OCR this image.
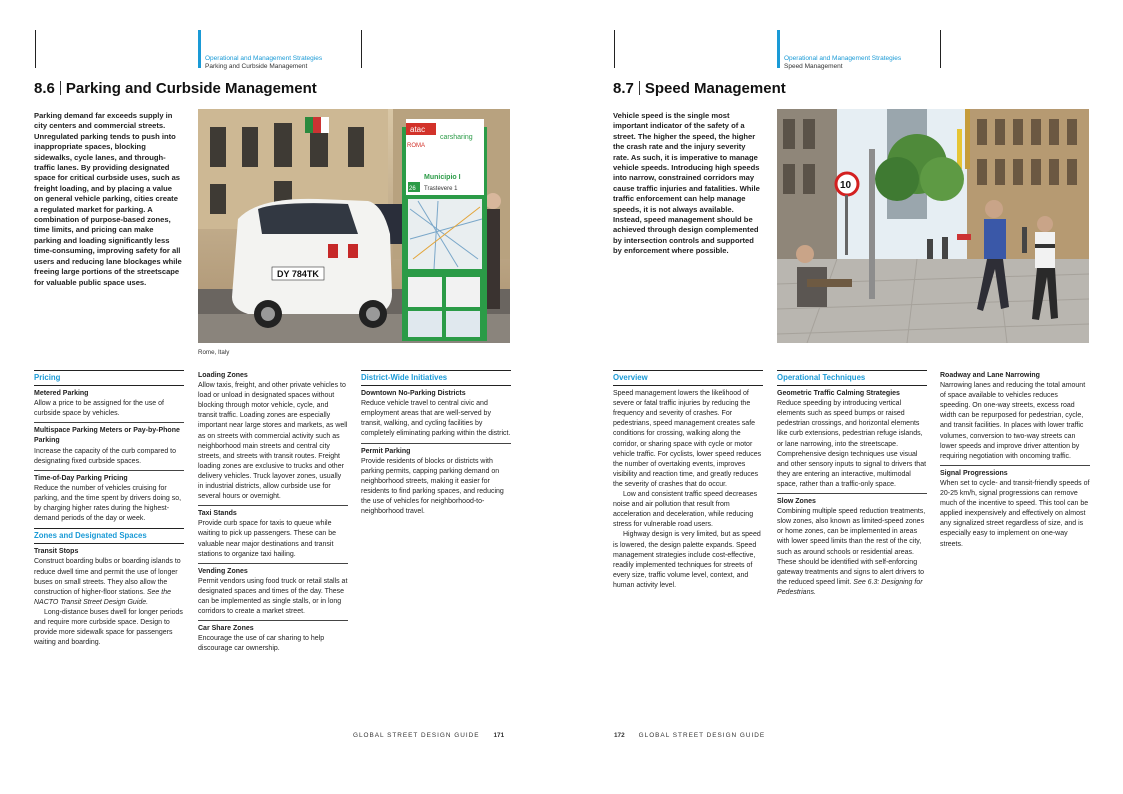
Operational and Management Strategies
Parking and Curbside Management
Operational and Management Strategies
Speed Management
8.6 Parking and Curbside Management	8.7 Speed Management
Parking demand far exceeds supply in city centers and commercial streets. Unregulated parking tends to push into inappropriate spaces, blocking sidewalks, cycle lanes, and through-traffic lanes. By providing designated space for critical curbside uses, such as freight loading, and by placing a value on general vehicle parking, cities create a regulated market for parking. A combination of purpose-based zones, time limits, and pricing can make parking and loading significantly less time-consuming, improving safety for all users and reducing lane blockages while freeing large portions of the streetscape for valuable public space uses.
Vehicle speed is the single most important indicator of the safety of a street. The higher the speed, the higher the crash rate and the injury severity rate. As such, it is imperative to manage vehicle speeds. Introducing high speeds into narrow, constrained corridors may cause traffic injuries and fatalities. While traffic enforcement can help manage speeds, it is not always available. Instead, speed management should be achieved through design complemented by intersection controls and supported by enforcement where possible.
DY 784TK
atac
ROMA
carsharing
Municipio I
26 Trastevere 1
Rome, Italy
10
Pricing
Metered Parking
Allow a price to be assigned for the use of curbside space by vehicles.
Multispace Parking Meters or Pay-by-Phone Parking
Increase the capacity of the curb compared to designating fixed curbside spaces.
Time-of-Day Parking Pricing
Reduce the number of vehicles cruising for parking, and the time spent by drivers doing so, by charging higher rates during the highest-demand periods of the day or week.
Zones and Designated Spaces
Transit Stops
Construct boarding bulbs or boarding islands to reduce dwell time and permit the use of longer buses on small streets. They also allow the construction of higher-floor stations. See the NACTO Transit Street Design Guide.
Long-distance buses dwell for longer periods and require more curbside space. Design to provide more sidewalk space for passengers waiting and boarding.
Loading Zones
Allow taxis, freight, and other private vehicles to load or unload in designated spaces without blocking through motor vehicle, cycle, and transit traffic. Loading zones are especially important near large stores and markets, as well as on streets with commercial activity such as neighborhood main streets and central city streets, and streets with transit routes. Freight loading zones are exclusive to trucks and other delivery vehicles. Truck layover zones, usually in industrial districts, allow curbside use for several hours or overnight.
Taxi Stands
Provide curb space for taxis to queue while waiting to pick up passengers. These can be valuable near major destinations and transit stations to organize taxi hailing.
Vending Zones
Permit vendors using food truck or retail stalls at designated spaces and times of the day. These can be implemented as single stalls, or in long corridors to create a market street.
Car Share Zones
Encourage the use of car sharing to help discourage car ownership.
District-Wide Initiatives
Downtown No-Parking Districts
Reduce vehicle travel to central civic and employment areas that are well-served by transit, walking, and cycling facilities by completely eliminating parking within the district.
Permit Parking
Provide residents of blocks or districts with parking permits, capping parking demand on neighborhood streets, making it easier for residents to find parking spaces, and reducing the use of vehicles for neighborhood-to-neighborhood travel.
Overview
Speed management lowers the likelihood of severe or fatal traffic injuries by reducing the frequency and severity of crashes. For pedestrians, speed management creates safe conditions for crossing, walking along the corridor, or sharing space with cycle or motor vehicle traffic. For cyclists, lower speed reduces the number of overtaking events, improves visibility and reaction time, and greatly reduces the severity of crashes that do occur.
Low and consistent traffic speed decreases noise and air pollution that result from acceleration and deceleration, while reducing stress for vulnerable road users.
Highway design is very limited, but as speed is lowered, the design palette expands. Speed management strategies include cost-effective, readily implemented techniques for streets of every size, traffic volume level, context, and human activity level.
Operational Techniques
Geometric Traffic Calming Strategies
Reduce speeding by introducing vertical elements such as speed bumps or raised pedestrian crossings, and horizontal elements like curb extensions, pedestrian refuge islands, or lane narrowing, into the streetscape. Comprehensive design techniques use visual and other sensory inputs to signal to drivers that they are entering an interactive, multimodal space, rather than a traffic-only space.
Slow Zones
Combining multiple speed reduction treatments, slow zones, also known as limited-speed zones or home zones, can be implemented in areas with lower speed limits than the rest of the city, such as around schools or residential areas. These should be identified with self-enforcing gateway treatments and signs to alert drivers to the reduced speed limit. See 6.3: Designing for Pedestrians.
Roadway and Lane Narrowing
Narrowing lanes and reducing the total amount of space available to vehicles reduces speeding. On one-way streets, excess road width can be repurposed for pedestrian, cycle, and transit facilities. In places with lower traffic volumes, conversion to two-way streets can lower speeds and improve driver attention by requiring negotiation with oncoming traffic.
Signal Progressions
When set to cycle- and transit-friendly speeds of 20-25 km/h, signal progressions can remove much of the incentive to speed. This tool can be applied inexpensively and effectively on almost any signalized street regardless of size, and is especially easy to implement on one-way streets.
GLOBAL STREET DESIGN GUIDE 171	172 GLOBAL STREET DESIGN GUIDE
